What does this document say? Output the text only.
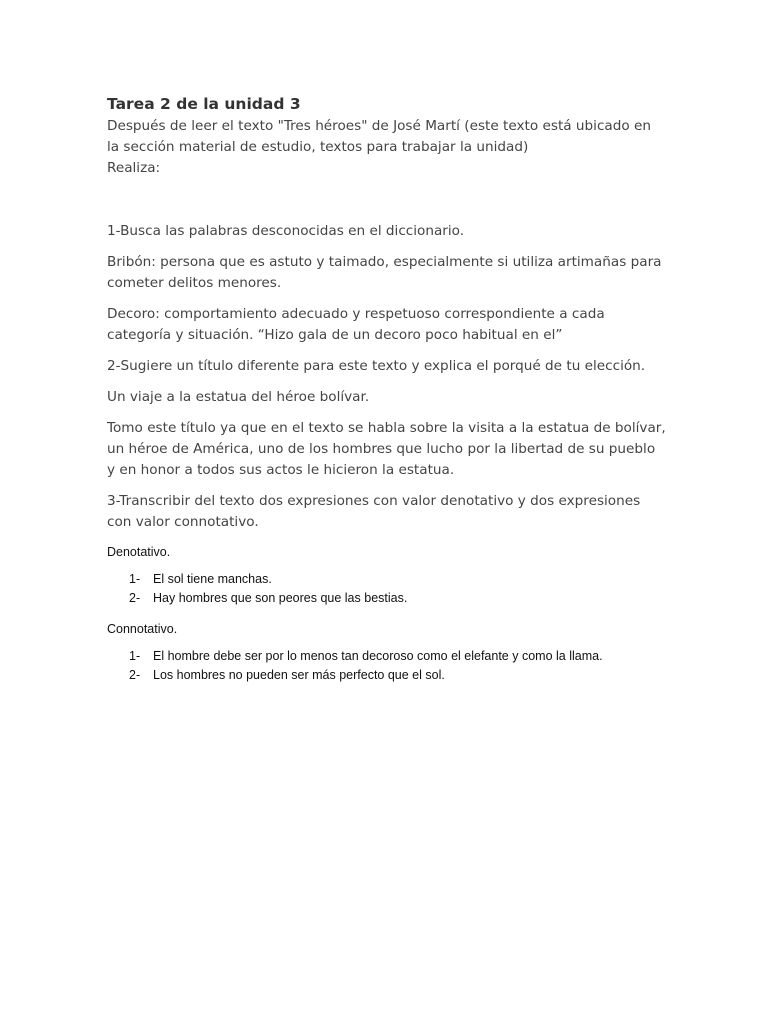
Tarea 2 de la unidad 3

Después de leer el texto "Tres héroes" de José Martí (este texto está ubicado en la sección material de estudio, textos para trabajar la unidad)

Realiza:

1-Busca las palabras desconocidas en el diccionario.

Bribón: persona que es astuto y taimado, especialmente si utiliza artimañas para cometer delitos menores.

Decoro: comportamiento adecuado y respetuoso correspondiente a cada categoría y situación. “Hizo gala de un decoro poco habitual en el”

2-Sugiere un título diferente para este texto y explica el porqué de tu elección.

Un viaje a la estatua del héroe bolívar.

Tomo este título ya que en el texto se habla sobre la visita a la estatua de bolívar, un héroe de América, uno de los hombres que lucho por la libertad de su pueblo y en honor a todos sus actos le hicieron la estatua.

3-Transcribir del texto dos expresiones con valor denotativo y dos expresiones con valor connotativo.

Denotativo.

1-	El sol tiene manchas.
2-	Hay hombres que son peores que las bestias.

Connotativo.

1-	El hombre debe ser por lo menos tan decoroso como el elefante y como la llama.
2-	Los hombres no pueden ser más perfecto que el sol.
